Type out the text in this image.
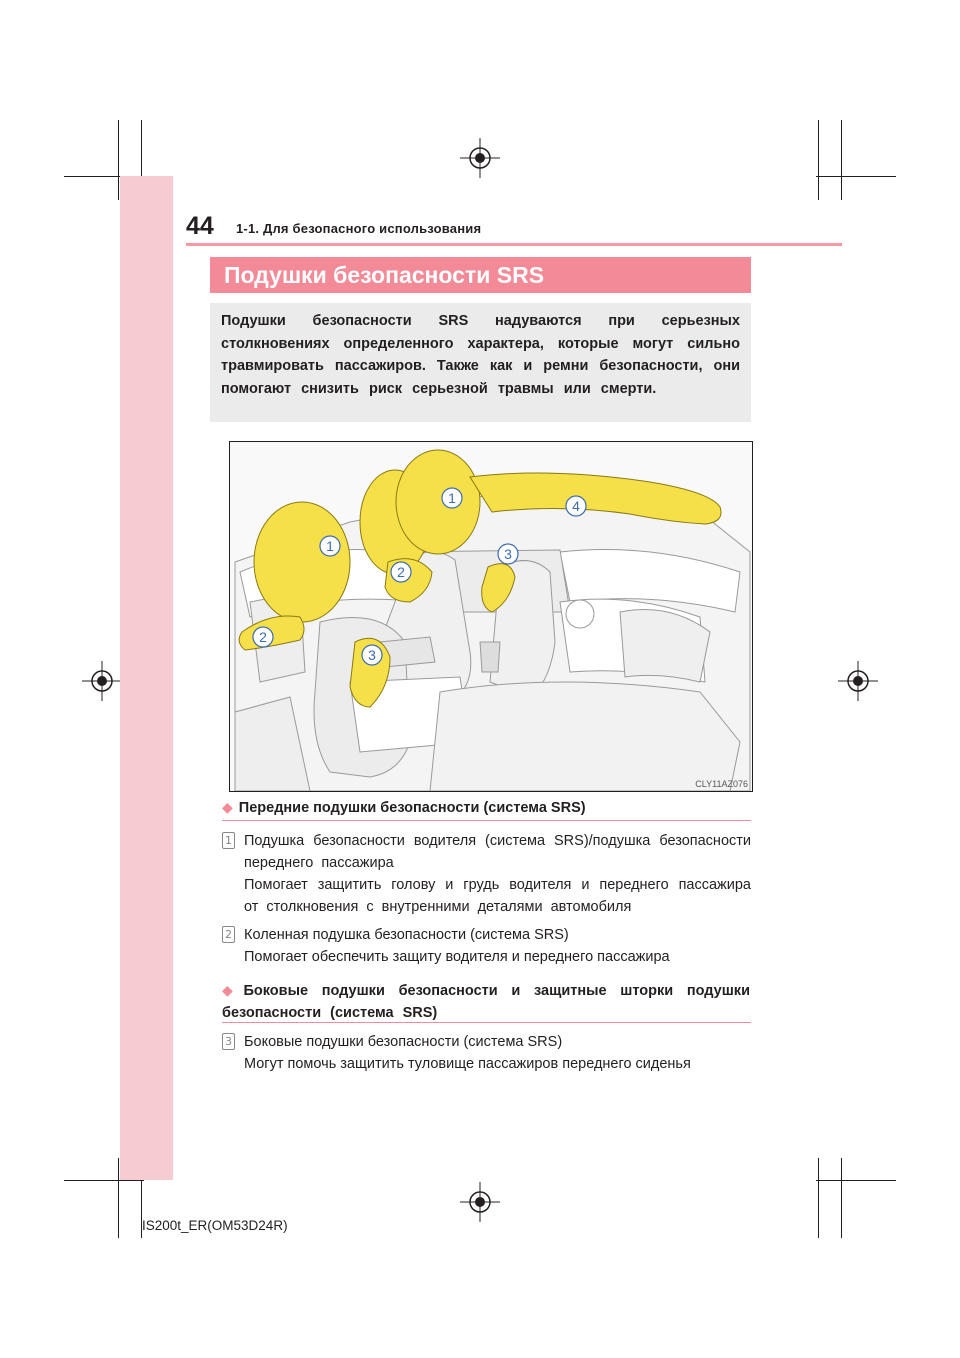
44 1-1. Для безопасного использования
Подушки безопасности SRS

Подушки безопасности SRS надуваются при серьезных столкновениях определенного характера, которые могут сильно травмировать пассажиров. Также как и ремни безопасности, они помогают снизить риск серьезной травмы или смерти.

1
1
2
2
3
3
4
CLY11AZ076
◆ Передние подушки безопасности (система SRS)
1 Подушка безопасности водителя (система SRS)/подушка безопасности переднего пассажира

Помогает защитить голову и грудь водителя и переднего пассажира от столкновения с внутренними деталями автомобиля

2 Коленная подушка безопасности (система SRS)

Помогает обеспечить защиту водителя и переднего пассажира

◆ Боковые подушки безопасности и защитные шторки подушки безопасности (система SRS)
3 Боковые подушки безопасности (система SRS)

Могут помочь защитить туловище пассажиров переднего сиденья

IS200t_ER(OM53D24R)
